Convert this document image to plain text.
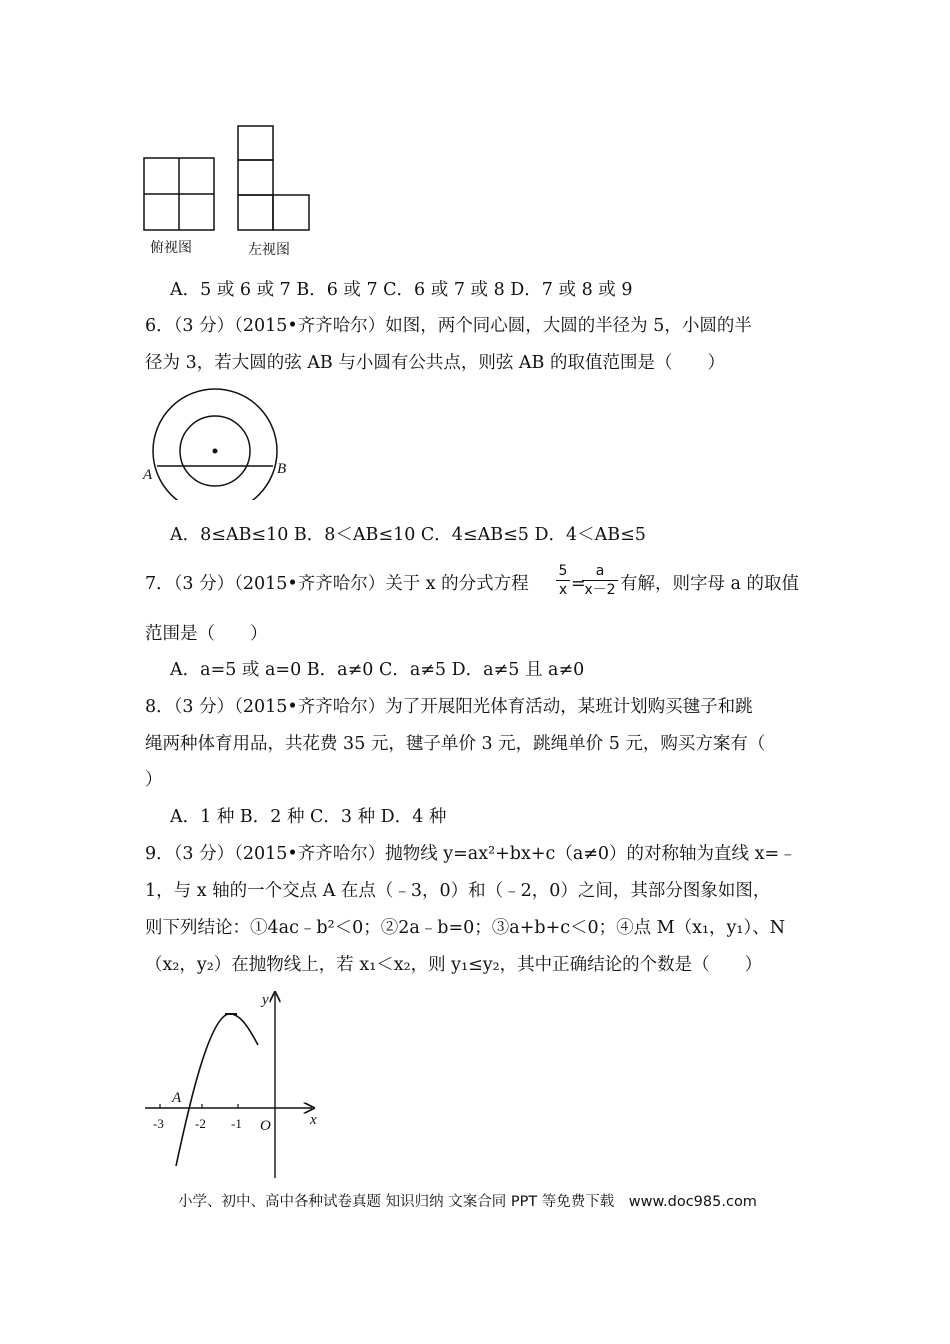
俯视图	左视图
A．5 或 6 或 7 B．6 或 7 C．6 或 7 或 8 D．7 或 8 或 9
6．（3 分）（2015•齐齐哈尔）如图，两个同心圆，大圆的半径为 5，小圆的半
径为 3，若大圆的弦 AB 与小圆有公共点，则弦 AB 的取值范围是（　　）
A	B
A．8≤AB≤10 B．8＜AB≤10 C．4≤AB≤5 D．4＜AB≤5
7．（3 分）（2015•齐齐哈尔）关于 x 的分式方程 $\frac{5}{x}$ =
$\frac{a}{x-2}$ 有解，则字母 a 的取值
范围是（　　）
A．a=5 或 a=0 B．a≠0 C．a≠5 D．a≠5 且 a≠0
8．（3 分）（2015•齐齐哈尔）为了开展阳光体育活动，某班计划购买毽子和跳
绳两种体育用品，共花费 35 元，毽子单价 3 元，跳绳单价 5 元，购买方案有（
）
A．1 种 B．2 种 C．3 种 D．4 种
9．（3 分）（2015•齐齐哈尔）抛物线 y=ax²+bx+c（a≠0）的对称轴为直线 x=﹣
1，与 x 轴的一个交点 A 在点（﹣3，0）和（﹣2，0）之间，其部分图象如图，
则下列结论：①4ac﹣b²＜0；②2a﹣b=0；③a+b+c＜0；④点 M（x₁，y₁）、N
（x₂，y₂）在抛物线上，若 x₁＜x₂，则 y₁≤y₂，其中正确结论的个数是（　　）
-3 -2 -1
A
O
y
x
小学、初中、高中各种试卷真题 知识归纳 文案合同 PPT 等免费下载　www.doc985.com
